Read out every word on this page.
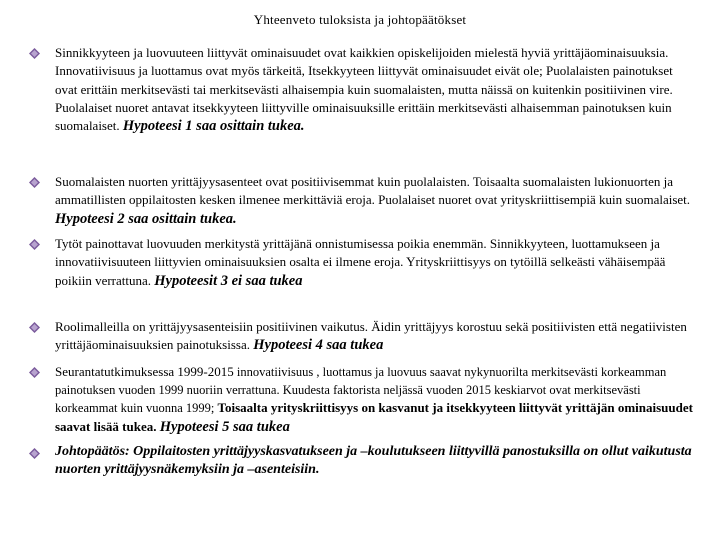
Yhteenveto tuloksista ja johtopäätökset
Sinnikkyyteen ja luovuuteen liittyvät ominaisuudet ovat kaikkien opiskelijoiden mielestä hyviä yrittäjäominaisuuksia. Innovatiivisuus ja luottamus ovat myös tärkeitä, Itsekkyyteen liittyvät ominaisuudet eivät ole; Puolalaisten painotukset ovat erittäin merkitsevästi tai merkitsevästi alhaisempia kuin suomalaisten, mutta näissä on kuitenkin positiivinen vire. Puolalaiset nuoret antavat itsekkyyteen liittyville ominaisuuksille erittäin merkitsevästi alhaisemman painotuksen kuin suomalaiset. Hypoteesi 1 saa osittain tukea.
Suomalaisten nuorten yrittäjyysasenteet ovat positiivisemmat kuin puolalaisten. Toisaalta suomalaisten lukionuorten ja ammatillisten oppilaitosten kesken ilmenee merkittäviä eroja. Puolalaiset nuoret ovat yrityskriittisempiä kuin suomalaiset. Hypoteesi 2 saa osittain tukea.
Tytöt painottavat luovuuden merkitystä yrittäjänä onnistumisessa poikia enemmän. Sinnikkyyteen, luottamukseen ja innovatiivisuuteen liittyvien ominaisuuksien osalta ei ilmene eroja. Yrityskriittisyys on tytöillä selkeästi vähäisempää poikiin verrattuna. Hypoteesit 3 ei saa tukea
Roolimalleilla on yrittäjyysasenteisiin positiivinen vaikutus. Äidin yrittäjyys korostuu sekä positiivisten että negatiivisten yrittäjäominaisuuksien painotuksissa. Hypoteesi 4 saa tukea
Seurantatutkimuksessa 1999-2015 innovatiivisuus , luottamus ja luovuus saavat nykynuorilta merkitsevästi korkeamman painotuksen vuoden 1999 nuoriin verrattuna. Kuudesta faktorista neljässä vuoden 2015 keskiarvot ovat merkitsevästi korkeammat kuin vuonna 1999; Toisaalta yrityskriittisyys on kasvanut ja itsekkyyteen liittyvät yrittäjän ominaisuudet saavat lisää tukea. Hypoteesi 5 saa tukea
Johtopäätös: Oppilaitosten yrittäjyyskasvatukseen ja –koulutukseen liittyvillä panostuksilla on ollut vaikutusta nuorten yrittäjyysnäkemyksiin ja –asenteisiin.
